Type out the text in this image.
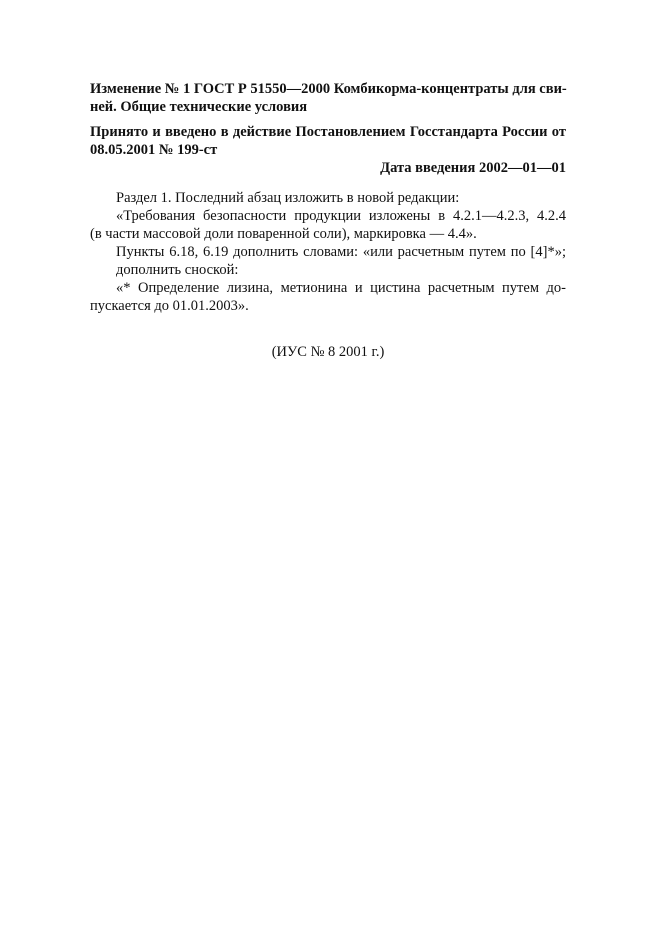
Изменение № 1 ГОСТ Р 51550—2000 Комбикорма-концентраты для сви-
ней. Общие технические условия
Принято и введено в действие Постановлением Госстандарта России от
08.05.2001 № 199-ст
Дата введения 2002—01—01
Раздел 1. Последний абзац изложить в новой редакции:
«Требования безопасности продукции изложены в 4.2.1—4.2.3, 4.2.4
(в части массовой доли поваренной соли), маркировка — 4.4».
Пункты 6.18, 6.19 дополнить словами: «или расчетным путем по [4]*»;
дополнить сноской:
«* Определение лизина, метионина и цистина расчетным путем до-
пускается до 01.01.2003».
(ИУС № 8 2001 г.)
